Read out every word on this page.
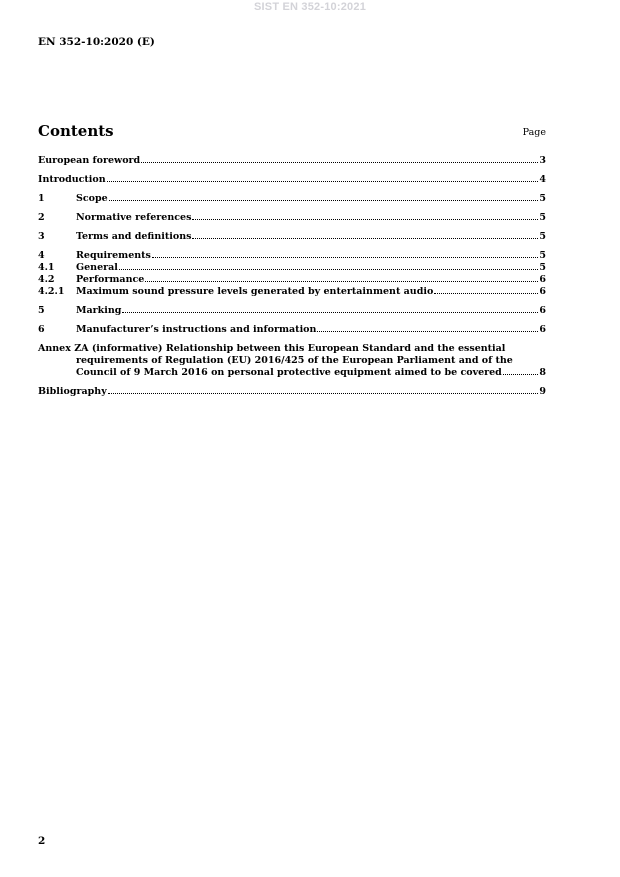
SIST EN 352-10:2021
EN 352-10:2020 (E)
Contents	Page
European foreword	3
Introduction	4
1	Scope	5
2	Normative references	5
3	Terms and definitions	5
4	Requirements	5
4.1	General	5
4.2	Performance	6
4.2.1	Maximum sound pressure levels generated by entertainment audio	6
5	Marking	6
6	Manufacturer’s instructions and information	6
Annex ZA (informative) Relationship between this European Standard and the essential
requirements of Regulation (EU) 2016/425 of the European Parliament and of the
Council of 9 March 2016 on personal protective equipment aimed to be covered	8
Bibliography	9
2
